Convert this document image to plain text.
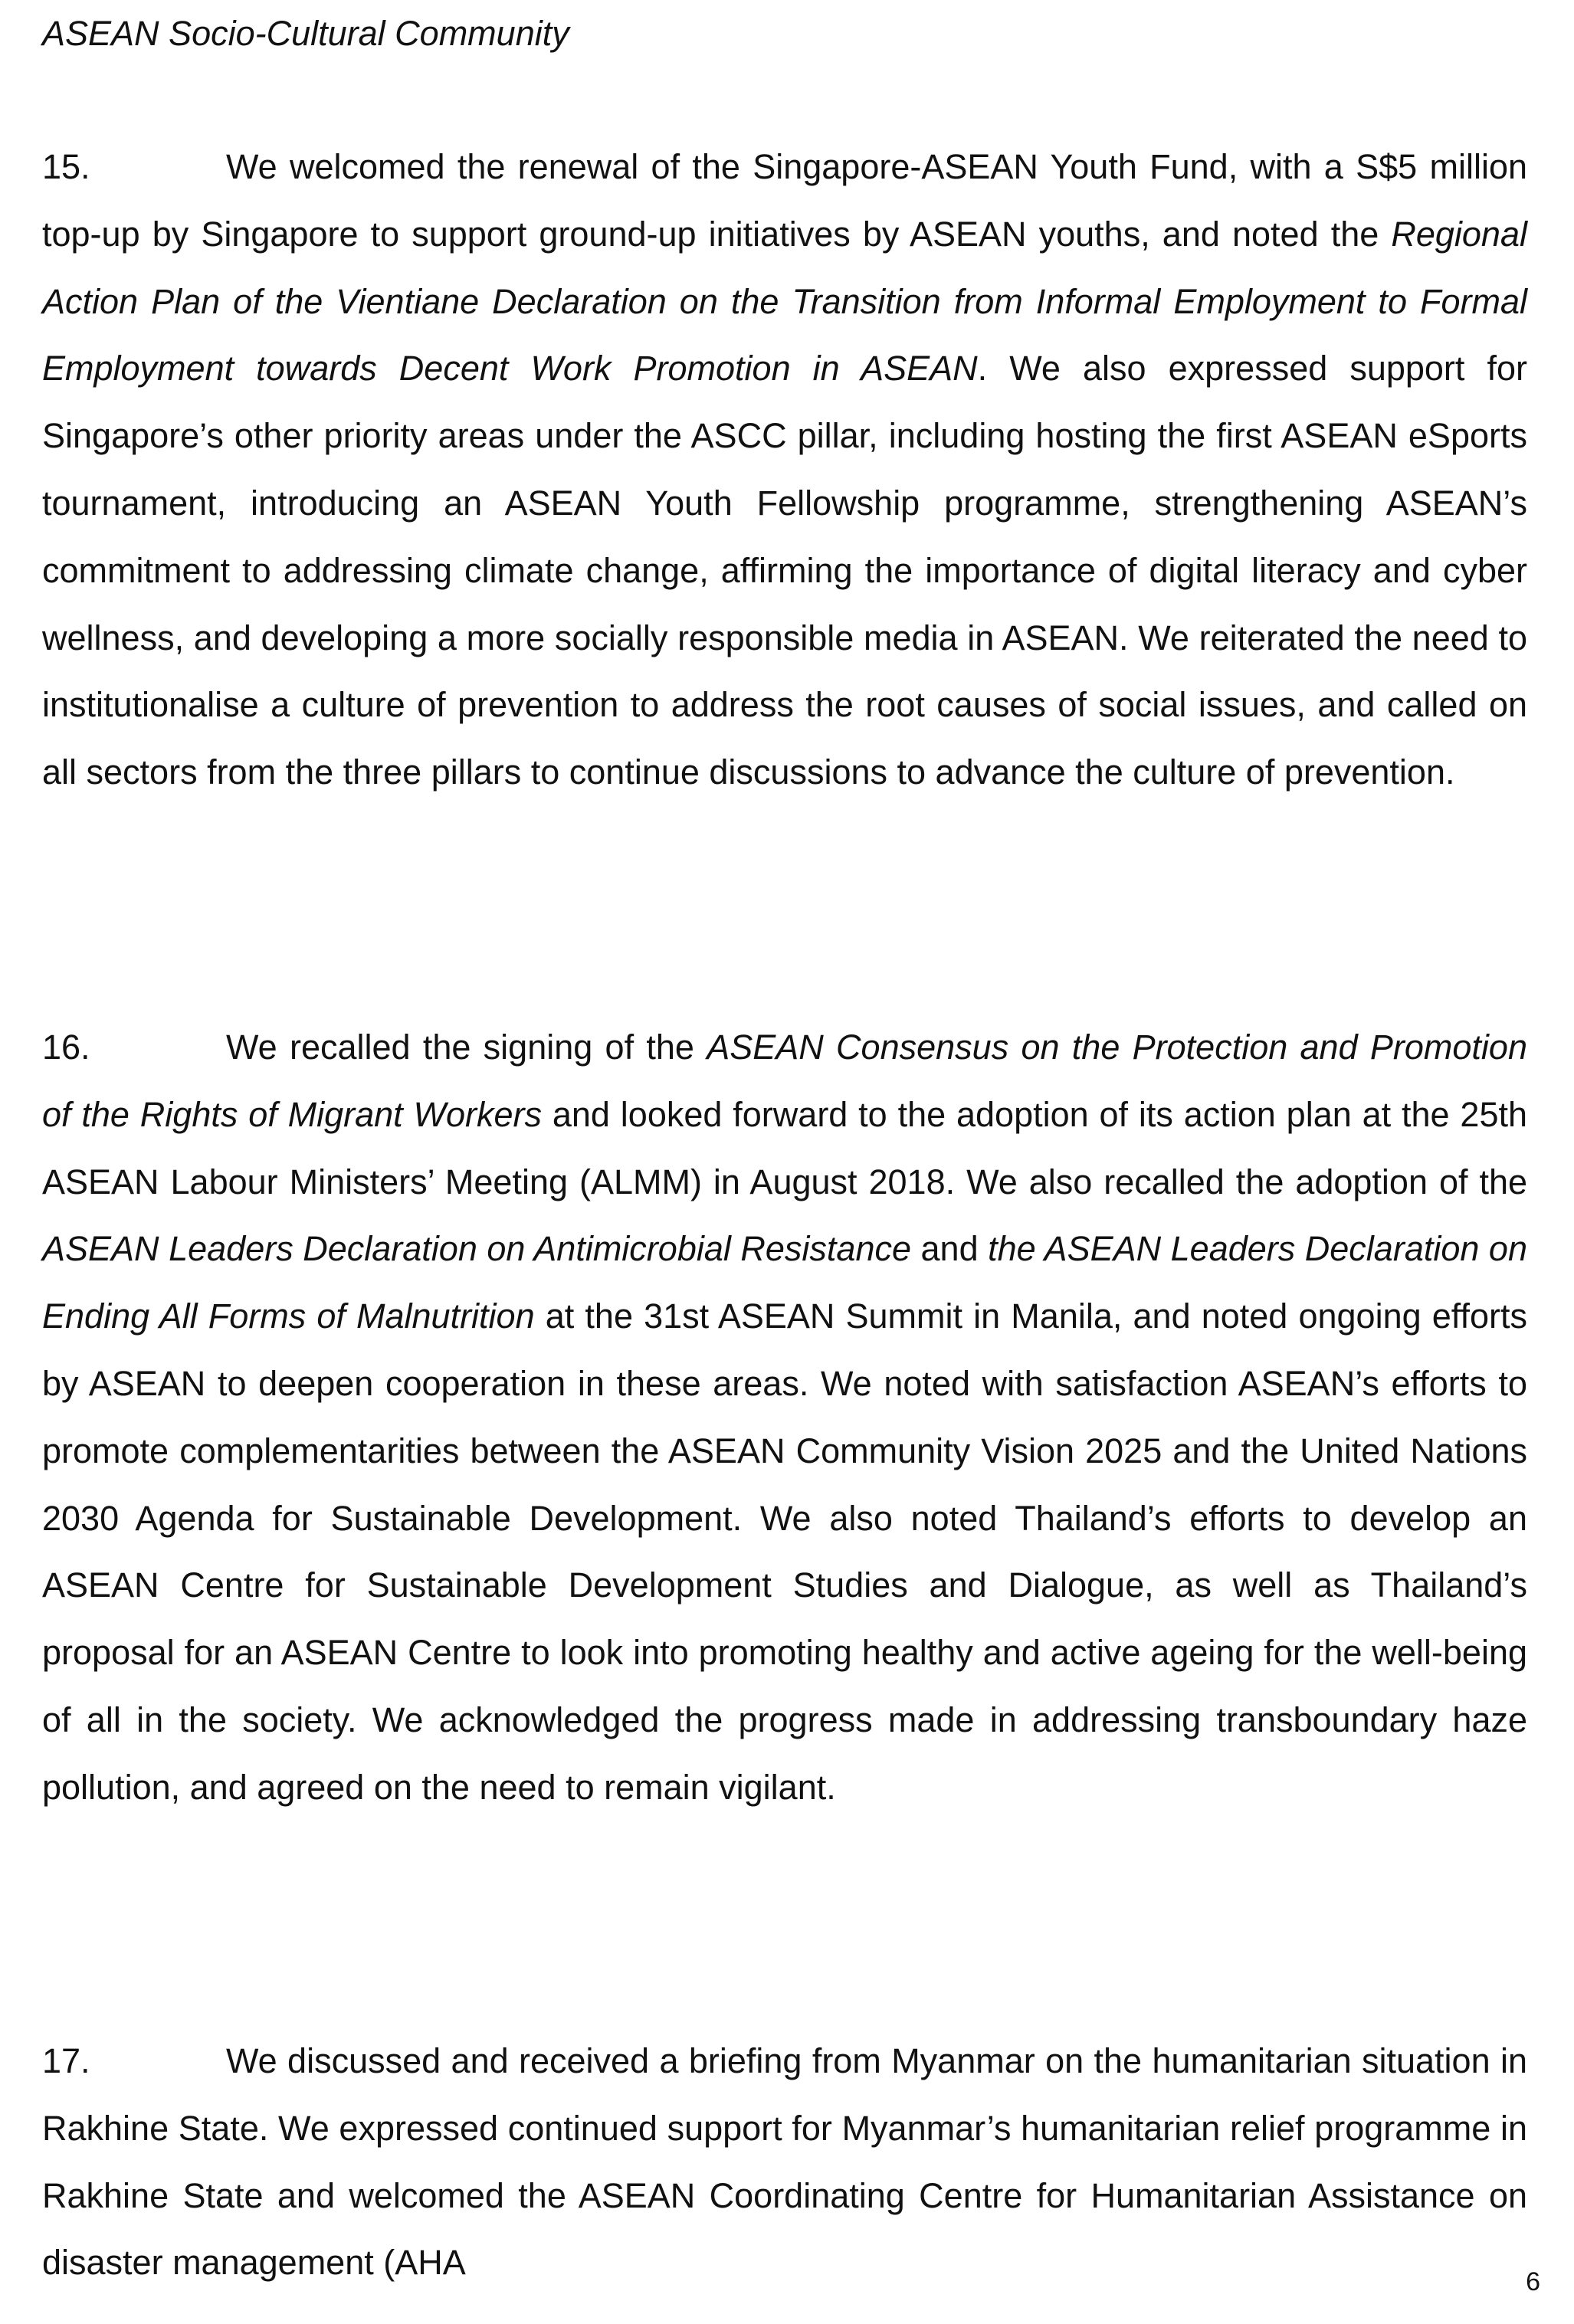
ASEAN Socio-Cultural Community
15.	We welcomed the renewal of the Singapore-ASEAN Youth Fund, with a S$5 million top-up by Singapore to support ground-up initiatives by ASEAN youths, and noted the Regional Action Plan of the Vientiane Declaration on the Transition from Informal Employment to Formal Employment towards Decent Work Promotion in ASEAN. We also expressed support for Singapore’s other priority areas under the ASCC pillar, including hosting the first ASEAN eSports tournament, introducing an ASEAN Youth Fellowship programme, strengthening ASEAN’s commitment to addressing climate change, affirming the importance of digital literacy and cyber wellness, and developing a more socially responsible media in ASEAN. We reiterated the need to institutionalise a culture of prevention to address the root causes of social issues, and called on all sectors from the three pillars to continue discussions to advance the culture of prevention.
16.	We recalled the signing of the ASEAN Consensus on the Protection and Promotion of the Rights of Migrant Workers and looked forward to the adoption of its action plan at the 25th ASEAN Labour Ministers’ Meeting (ALMM) in August 2018. We also recalled the adoption of the ASEAN Leaders Declaration on Antimicrobial Resistance and the ASEAN Leaders Declaration on Ending All Forms of Malnutrition at the 31st ASEAN Summit in Manila, and noted ongoing efforts by ASEAN to deepen cooperation in these areas. We noted with satisfaction ASEAN’s efforts to promote complementarities between the ASEAN Community Vision 2025 and the United Nations 2030 Agenda for Sustainable Development. We also noted Thailand’s efforts to develop an ASEAN Centre for Sustainable Development Studies and Dialogue, as well as Thailand’s proposal for an ASEAN Centre to look into promoting healthy and active ageing for the well-being of all in the society. We acknowledged the progress made in addressing transboundary haze pollution, and agreed on the need to remain vigilant.
17.	We discussed and received a briefing from Myanmar on the humanitarian situation in Rakhine State. We expressed continued support for Myanmar’s humanitarian relief programme in Rakhine State and welcomed the ASEAN Coordinating Centre for Humanitarian Assistance on disaster management (AHA	6
